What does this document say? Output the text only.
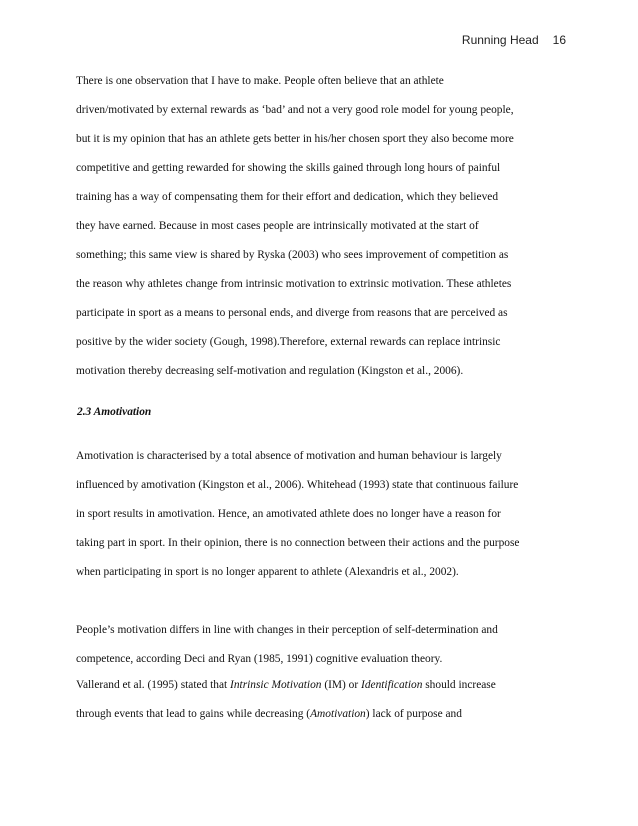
Running Head 16
There is one observation that I have to make. People often believe that an athlete
driven/motivated by external rewards as ‘bad’ and not a very good role model for young people,
but it is my opinion that has an athlete gets better in his/her chosen sport they also become more
competitive and getting rewarded for showing the skills gained through long hours of painful
training has a way of compensating them for their effort and dedication, which they believed
they have earned. Because in most cases people are intrinsically motivated at the start of
something; this same view is shared by Ryska (2003) who sees improvement of competition as
the reason why athletes change from intrinsic motivation to extrinsic motivation. These athletes
participate in sport as a means to personal ends, and diverge from reasons that are perceived as
positive by the wider society (Gough, 1998).Therefore, external rewards can replace intrinsic
motivation thereby decreasing self-motivation and regulation (Kingston et al., 2006).
2.3 Amotivation
Amotivation is characterised by a total absence of motivation and human behaviour is largely
influenced by amotivation (Kingston et al., 2006). Whitehead (1993) state that continuous failure
in sport results in amotivation. Hence, an amotivated athlete does no longer have a reason for
taking part in sport. In their opinion, there is no connection between their actions and the purpose
when participating in sport is no longer apparent to athlete (Alexandris et al., 2002).
People’s motivation differs in line with changes in their perception of self-determination and
competence, according Deci and Ryan (1985, 1991) cognitive evaluation theory.
Vallerand et al. (1995) stated that Intrinsic Motivation (IM) or Identification should increase
through events that lead to gains while decreasing (Amotivation) lack of purpose and
